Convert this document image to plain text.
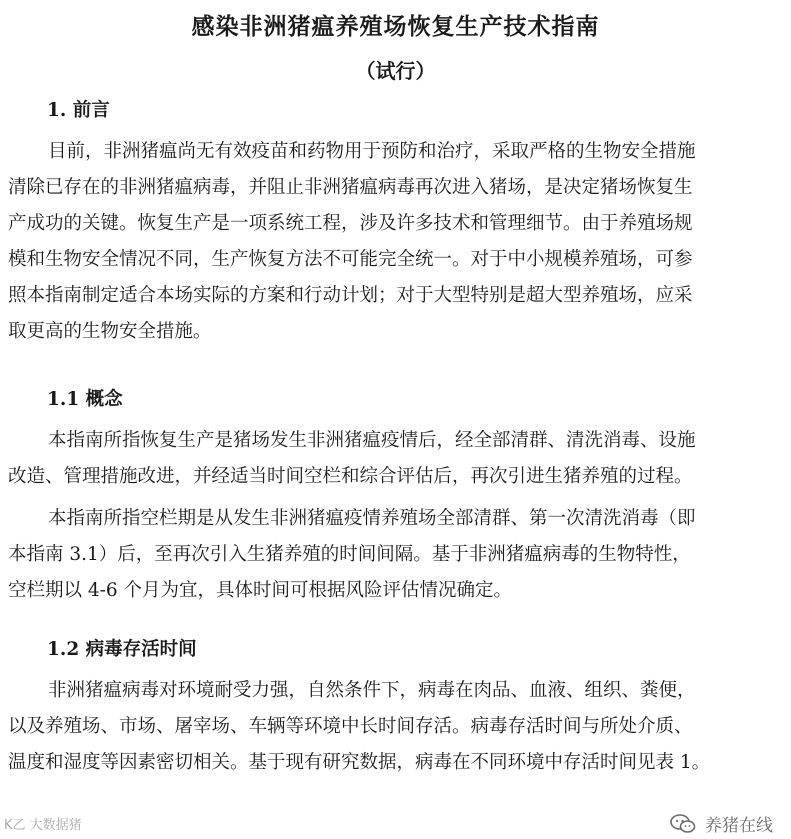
感染非洲猪瘟养殖场恢复生产技术指南
（试行）
1. 前言
目前，非洲猪瘟尚无有效疫苗和药物用于预防和治疗，采取严格的生物安全措施
清除已存在的非洲猪瘟病毒，并阻止非洲猪瘟病毒再次进入猪场，是决定猪场恢复生
产成功的关键。恢复生产是一项系统工程，涉及许多技术和管理细节。由于养殖场规
模和生物安全情况不同，生产恢复方法不可能完全统一。对于中小规模养殖场，可参
照本指南制定适合本场实际的方案和行动计划；对于大型特别是超大型养殖场，应采
取更高的生物安全措施。
1.1 概念
本指南所指恢复生产是猪场发生非洲猪瘟疫情后，经全部清群、清洗消毒、设施
改造、管理措施改进，并经适当时间空栏和综合评估后，再次引进生猪养殖的过程。
本指南所指空栏期是从发生非洲猪瘟疫情养殖场全部清群、第一次清洗消毒（即
本指南 3.1）后，至再次引入生猪养殖的时间间隔。基于非洲猪瘟病毒的生物特性，
空栏期以 4-6 个月为宜，具体时间可根据风险评估情况确定。
1.2 病毒存活时间
非洲猪瘟病毒对环境耐受力强，自然条件下，病毒在肉品、血液、组织、粪便，
以及养殖场、市场、屠宰场、车辆等环境中长时间存活。病毒存活时间与所处介质、
温度和湿度等因素密切相关。基于现有研究数据，病毒在不同环境中存活时间见表 1。
K乙 大数据猪	养猪在线
